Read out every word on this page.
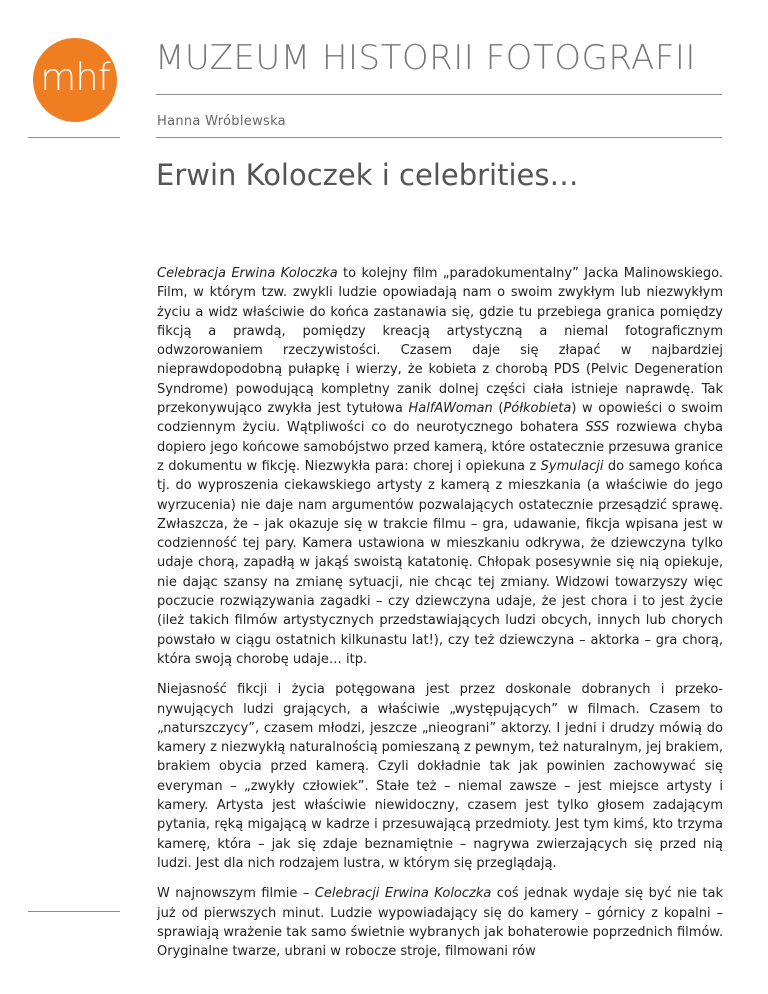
mhf MUZEUM HISTORII FOTOGRAFII
Hanna Wróblewska
Erwin Koloczek i celebrities…

Celebracja Erwina Koloczka to kolejny film „paradokumentalny” Jacka Malinowskiego. Film, w którym tzw. zwykli ludzie opowiadają nam o swoim zwykłym lub niezwykłym życiu a widz właściwie do końca zastanawia się, gdzie tu przebiega granica pomiędzy fikcją a prawdą, pomiędzy kreacją artystyczną a niemal fotograficznym odwzorowaniem rzeczywistości. Czasem daje się złapać w najbardziej nieprawdopodobną pułapkę i wierzy, że kobieta z chorobą PDS (Pelvic Degeneration Syndrome) powodującą kompletny zanik dolnej części ciała istnieje naprawdę. Tak przekonywująco zwykła jest tytułowa HalfAWoman (Półkobieta) w opowieści o swoim codziennym życiu. Wątpliwości co do neurotycznego bohatera SSS rozwiewa chyba dopiero jego końcowe samobójstwo przed kamerą, które ostatecznie przesuwa granice z dokumentu w fikcję. Niezwykła para: chorej i opiekuna z Symulacji do samego końca tj. do wyproszenia ciekawskiego artysty z kamerą z mieszkania (a właściwie do jego wyrzucenia) nie daje nam argumentów pozwalających ostatecznie przesądzić sprawę. Zwłaszcza, że – jak okazuje się w trakcie filmu – gra, udawanie, fikcja wpisana jest w codzienność tej pary. Kamera ustawiona w mieszkaniu odkrywa, że dziewczyna tylko udaje chorą, zapadłą w jakąś swoistą katatonię. Chłopak posesywnie się nią opiekuje, nie dając szansy na zmianę sytuacji, nie chcąc tej zmiany. Widzowi towarzyszy więc poczucie rozwiązywania zagadki – czy dziewczyna udaje, że jest chora i to jest życie (ileż takich filmów artystycznych przedstawiających ludzi obcych, innych lub chorych powstało w ciągu ostatnich kilkunastu lat!), czy też dziewczyna – aktorka – gra chorą, która swoją chorobę udaje… itp.

Niejasność fikcji i życia potęgowana jest przez doskonale dobranych i przekonywujących ludzi grających, a właściwie „występujących” w filmach. Czasem to „naturszczycy”, czasem młodzi, jeszcze „nieograni” aktorzy. I jedni i drudzy mówią do kamery z niezwykłą naturalnością pomieszaną z pewnym, też naturalnym, jej brakiem, brakiem obycia przed kamerą. Czyli dokładnie tak jak powinien zachowywać się everyman – „zwykły człowiek”. Stałe też – niemal zawsze – jest miejsce artysty i kamery. Artysta jest właściwie niewidoczny, czasem jest tylko głosem zadającym pytania, ręką migającą w kadrze i przesuwającą przedmioty. Jest tym kimś, kto trzyma kamerę, która – jak się zdaje beznamiętnie – nagrywa zwierzających się przed nią ludzi. Jest dla nich rodzajem lustra, w którym się przeglądają.

W najnowszym filmie – Celebracji Erwina Koloczka coś jednak wydaje się być nie tak już od pierwszych minut. Ludzie wypowiadający się do kamery – górnicy z kopalni – sprawiają wrażenie tak samo świetnie wybranych jak bohaterowie poprzednich filmów. Oryginalne twarze, ubrani w robocze stroje, filmowani rów
